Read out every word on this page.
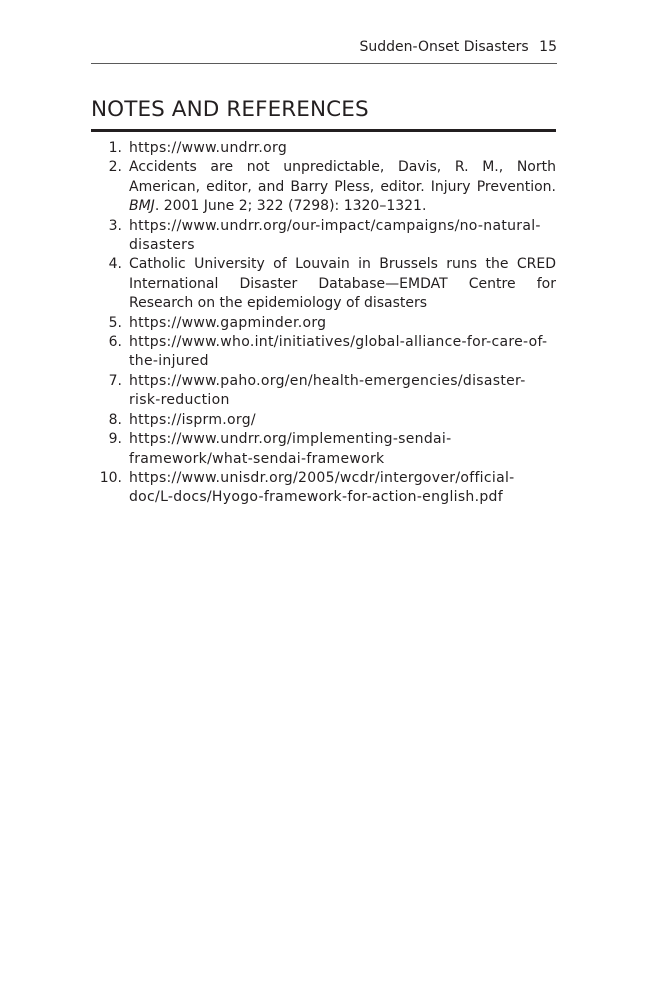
Sudden-Onset Disasters 15
NOTES AND REFERENCES
1. https://www.undrr.org
2. Accidents are not unpredictable, Davis, R. M., North American, editor, and Barry Pless, editor. Injury Prevention. BMJ. 2001 June 2; 322 (7298): 1320–1321.
3. https://www.undrr.org/our-impact/campaigns/no-natural-disasters
4. Catholic University of Louvain in Brussels runs the CRED International Disaster Database—EMDAT Centre for Research on the epidemiology of disasters
5. https://www.gapminder.org
6. https://www.who.int/initiatives/global-alliance-for-care-of-the-injured
7. https://www.paho.org/en/health-emergencies/disaster-risk-reduction
8. https://isprm.org/
9. https://www.undrr.org/implementing-sendai-framework/what-sendai-framework
10. https://www.unisdr.org/2005/wcdr/intergover/official-doc/L-docs/Hyogo-framework-for-action-english.pdf
